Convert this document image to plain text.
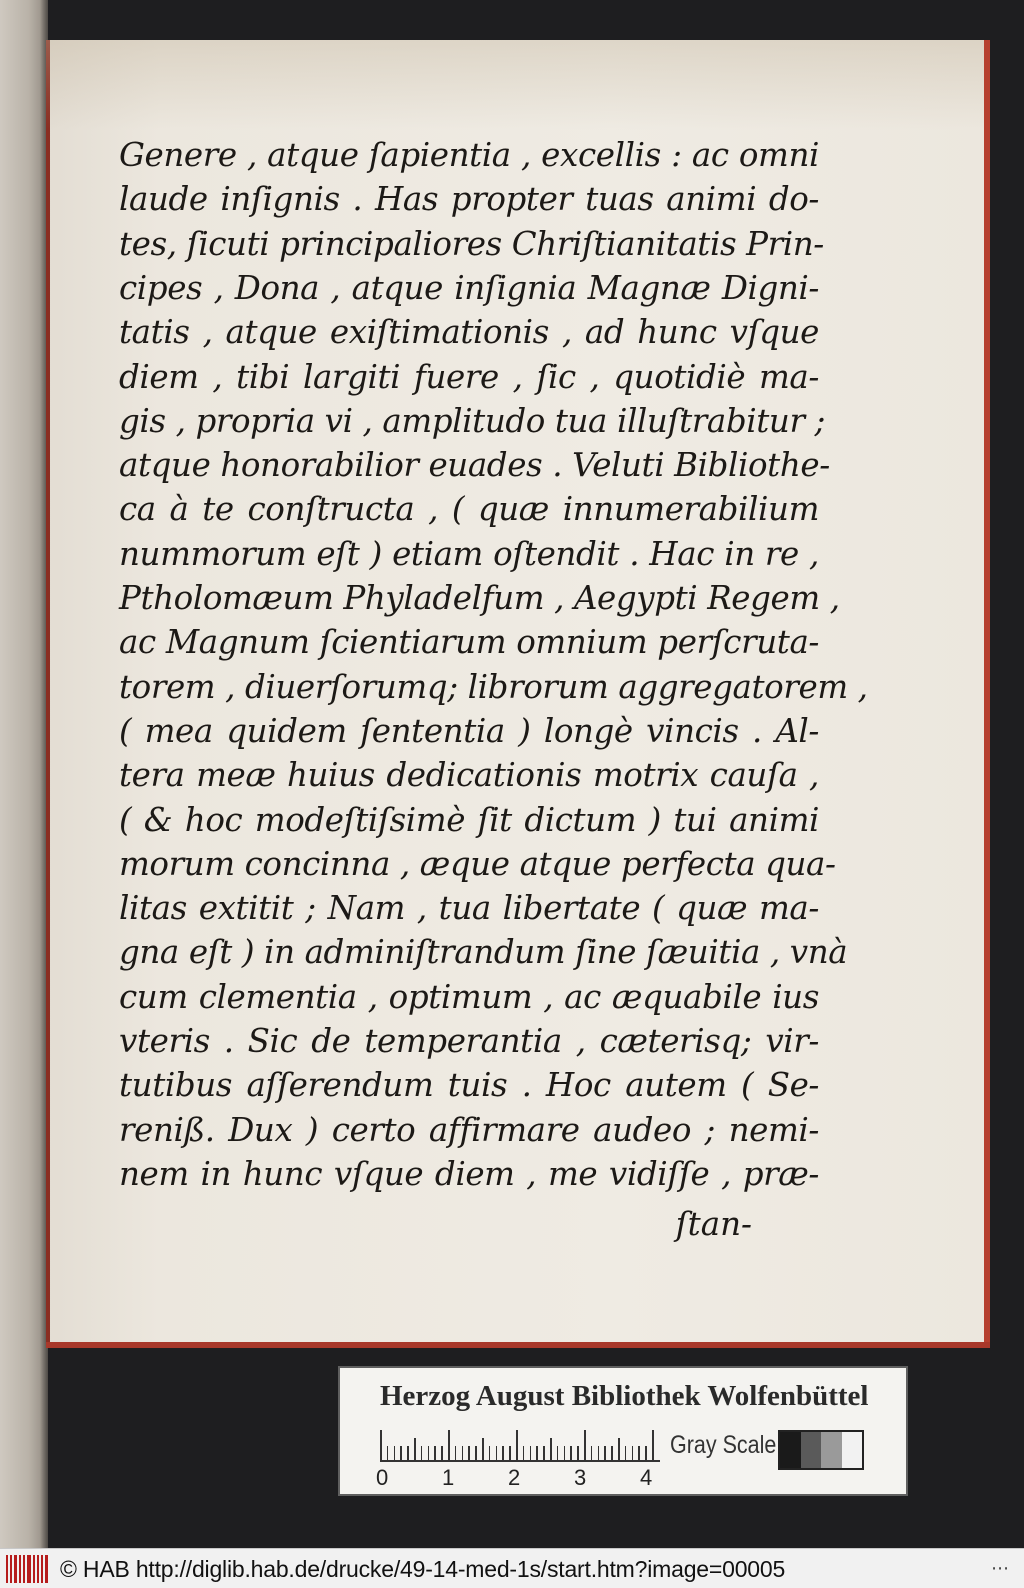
Genere , atque ſapientia , excellis : ac omni
laude inſignis . Has propter tuas animi do-
tes, ſicuti principaliores Chriſtianitatis Prin-
cipes , Dona , atque inſignia Magnæ Digni-
tatis , atque exiſtimationis , ad hunc vſque
diem , tibi largiti fuere , ſic , quotidiè ma-
gis , propria vi , amplitudo tua illuſtrabitur ;
atque honorabilior euades . Veluti Bibliothe-
ca à te conſtructa , ( quæ innumerabilium
nummorum eſt ) etiam oſtendit . Hac in re ,
Ptholomæum Phyladelfum , Aegypti Regem ,
ac Magnum ſcientiarum omnium perſcruta-
torem , diuerſorumq; librorum aggregatorem ,
( mea quidem ſententia ) longè vincis . Al-
tera meæ huius dedicationis motrix cauſa ,
( & hoc modeſtiſsimè ſit dictum ) tui animi
morum concinna , æque atque perfecta qua-
litas extitit ; Nam , tua libertate ( quæ ma-
gna eſt ) in adminiſtrandum ſine ſæuitia , vnà
cum clementia , optimum , ac æquabile ius
vteris . Sic de temperantia , cæterisq; vir-
tutibus aſſerendum tuis . Hoc autem ( Se-
reniß. Dux ) certo affirmare audeo ; nemi-
nem in hunc vſque diem , me vidiſſe , præ-
ſtan-
Herzog August Bibliothek Wolfenbüttel
0 1 2 3 4
Gray Scale
© HAB http://diglib.hab.de/drucke/49-14-med-1s/start.htm?image=00005	⋯
